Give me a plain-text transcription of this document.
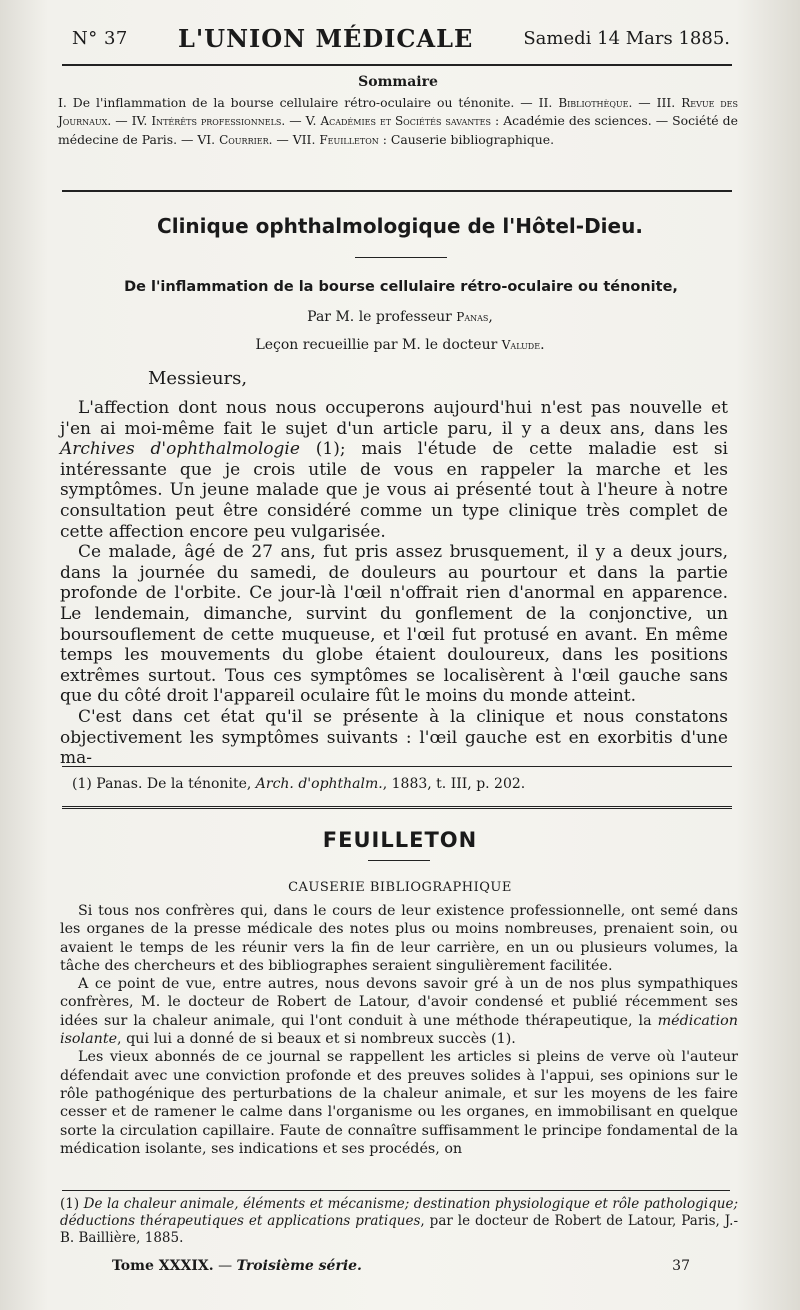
N° 37 L'UNION MÉDICALE	Samedi 14 Mars 1885.
Sommaire

I. De l'inflammation de la bourse cellulaire rétro-oculaire ou ténonite. — II. Bibliothèque. — III. Revue des Journaux. — IV. Intérêts professionnels. — V. Académies et Sociétés savantes : Académie des sciences. — Société de médecine de Paris. — VI. Courrier. — VII. Feuilleton : Causerie bibliographique.

Clinique ophthalmologique de l'Hôtel-Dieu.
De l'inflammation de la bourse cellulaire rétro-oculaire ou ténonite,
Par M. le professeur Panas,
Leçon recueillie par M. le docteur Valude.
Messieurs,

L'affection dont nous nous occuperons aujourd'hui n'est pas nouvelle et j'en ai moi-même fait le sujet d'un article paru, il y a deux ans, dans les Archives d'ophthalmologie (1); mais l'étude de cette maladie est si intéressante que je crois utile de vous en rappeler la marche et les symptômes. Un jeune malade que je vous ai présenté tout à l'heure à notre consultation peut être considéré comme un type clinique très complet de cette affection encore peu vulgarisée.

Ce malade, âgé de 27 ans, fut pris assez brusquement, il y a deux jours, dans la journée du samedi, de douleurs au pourtour et dans la partie profonde de l'orbite. Ce jour-là l'œil n'offrait rien d'anormal en apparence. Le lendemain, dimanche, survint du gonflement de la conjonctive, un boursouflement de cette muqueuse, et l'œil fut protusé en avant. En même temps les mouvements du globe étaient douloureux, dans les positions extrêmes surtout. Tous ces symptômes se localisèrent à l'œil gauche sans que du côté droit l'appareil oculaire fût le moins du monde atteint.

C'est dans cet état qu'il se présente à la clinique et nous constatons objectivement les symptômes suivants : l'œil gauche est en exorbitis d'une ma-

(1) Panas. De la ténonite, Arch. d'ophthalm., 1883, t. III, p. 202.
FEUILLETON
CAUSERIE BIBLIOGRAPHIQUE

Si tous nos confrères qui, dans le cours de leur existence professionnelle, ont semé dans les organes de la presse médicale des notes plus ou moins nombreuses, prenaient soin, ou avaient le temps de les réunir vers la fin de leur carrière, en un ou plusieurs volumes, la tâche des chercheurs et des bibliographes seraient singulièrement facilitée.

A ce point de vue, entre autres, nous devons savoir gré à un de nos plus sympathiques confrères, M. le docteur de Robert de Latour, d'avoir condensé et publié récemment ses idées sur la chaleur animale, qui l'ont conduit à une méthode thérapeutique, la médication isolante, qui lui a donné de si beaux et si nombreux succès (1).

Les vieux abonnés de ce journal se rappellent les articles si pleins de verve où l'auteur défendait avec une conviction profonde et des preuves solides à l'appui, ses opinions sur le rôle pathogénique des perturbations de la chaleur animale, et sur les moyens de les faire cesser et de ramener le calme dans l'organisme ou les organes, en immobilisant en quelque sorte la circulation capillaire. Faute de connaître suffisamment le principe fondamental de la médication isolante, ses indications et ses procédés, on

(1) De la chaleur animale, éléments et mécanisme; destination physiologique et rôle pathologique; déductions thérapeutiques et applications pratiques, par le docteur de Robert de Latour, Paris, J.-B. Baillière, 1885.
Tome XXXIX. — Troisième série.	37
